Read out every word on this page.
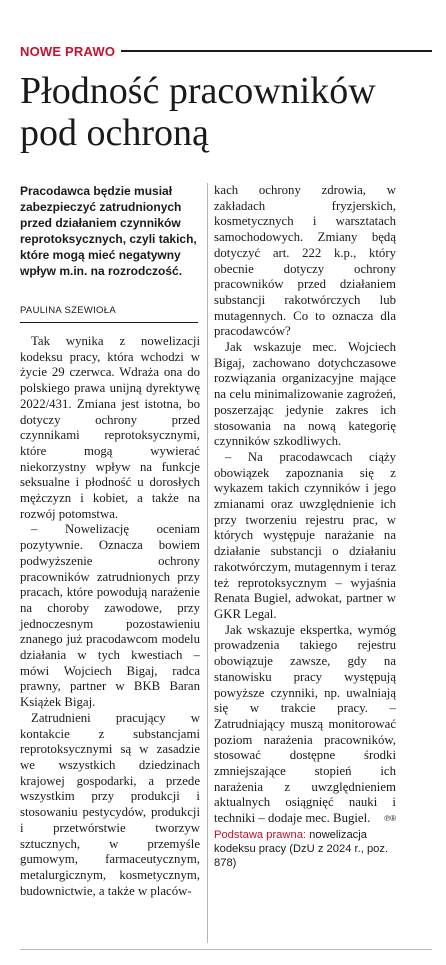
NOWE PRAWO
Płodność pracowników pod ochroną

Pracodawca będzie musiał zabezpieczyć zatrudnionych przed działaniem czynników reprotoksycznych, czyli takich, które mogą mieć negatywny wpływ m.in. na rozrodczość.

PAULINA SZEWIOŁA

Tak wynika z nowelizacji kodeksu pracy, która wchodzi w życie 29 czerwca. Wdraża ona do polskiego prawa unijną dyrektywę 2022/431. Zmiana jest istotna, bo dotyczy ochrony przed czynnikami reprotoksycznymi, które mogą wywierać niekorzystny wpływ na funkcje seksualne i płodność u dorosłych mężczyzn i kobiet, a także na rozwój potomstwa.

– Nowelizację oceniam pozytywnie. Oznacza bowiem podwyższenie ochrony pracowników zatrudnionych przy pracach, które powodują narażenie na choroby zawodowe, przy jednoczesnym pozostawieniu znanego już pracodawcom modelu działania w tych kwestiach – mówi Wojciech Bigaj, radca prawny, partner w BKB Baran Książek Bigaj.

Zatrudnieni pracujący w kontakcie z substancjami reprotoksycznymi są w zasadzie we wszystkich dziedzinach krajowej gospodarki, a przede wszystkim przy produkcji i stosowaniu pestycydów, produkcji i przetwórstwie tworzyw sztucznych, w przemyśle gumowym, farmaceutycznym, metalurgicznym, kosmetycznym, budownictwie, a także w placów-

kach ochrony zdrowia, w zakładach fryzjerskich, kosmetycznych i warsztatach samochodowych. Zmiany będą dotyczyć art. 222 k.p., który obecnie dotyczy ochrony pracowników przed działaniem substancji rakotwórczych lub mutagennych. Co to oznacza dla pracodawców?

Jak wskazuje mec. Wojciech Bigaj, zachowano dotychczasowe rozwiązania organizacyjne mające na celu minimalizowanie zagrożeń, poszerzając jedynie zakres ich stosowania na nową kategorię czynników szkodliwych.

– Na pracodawcach ciąży obowiązek zapoznania się z wykazem takich czynników i jego zmianami oraz uwzględnienie ich przy tworzeniu rejestru prac, w których występuje narażanie na działanie substancji o działaniu rakotwórczym, mutagennym i teraz też reprotoksycznym – wyjaśnia Renata Bugiel, adwokat, partner w GKR Legal.

Jak wskazuje ekspertka, wymóg prowadzenia takiego rejestru obowiązuje zawsze, gdy na stanowisku pracy występują powyższe czynniki, np. uwalniają się w trakcie pracy. – Zatrudniający muszą monitorować poziom narażenia pracowników, stosować dostępne środki zmniejszające stopień ich narażenia z uwzględnieniem aktualnych osiągnięć nauki i techniki – dodaje mec. Bugiel.	℗®

Podstawa prawna: nowelizacja kodeksu pracy (DzU z 2024 r., poz. 878)
